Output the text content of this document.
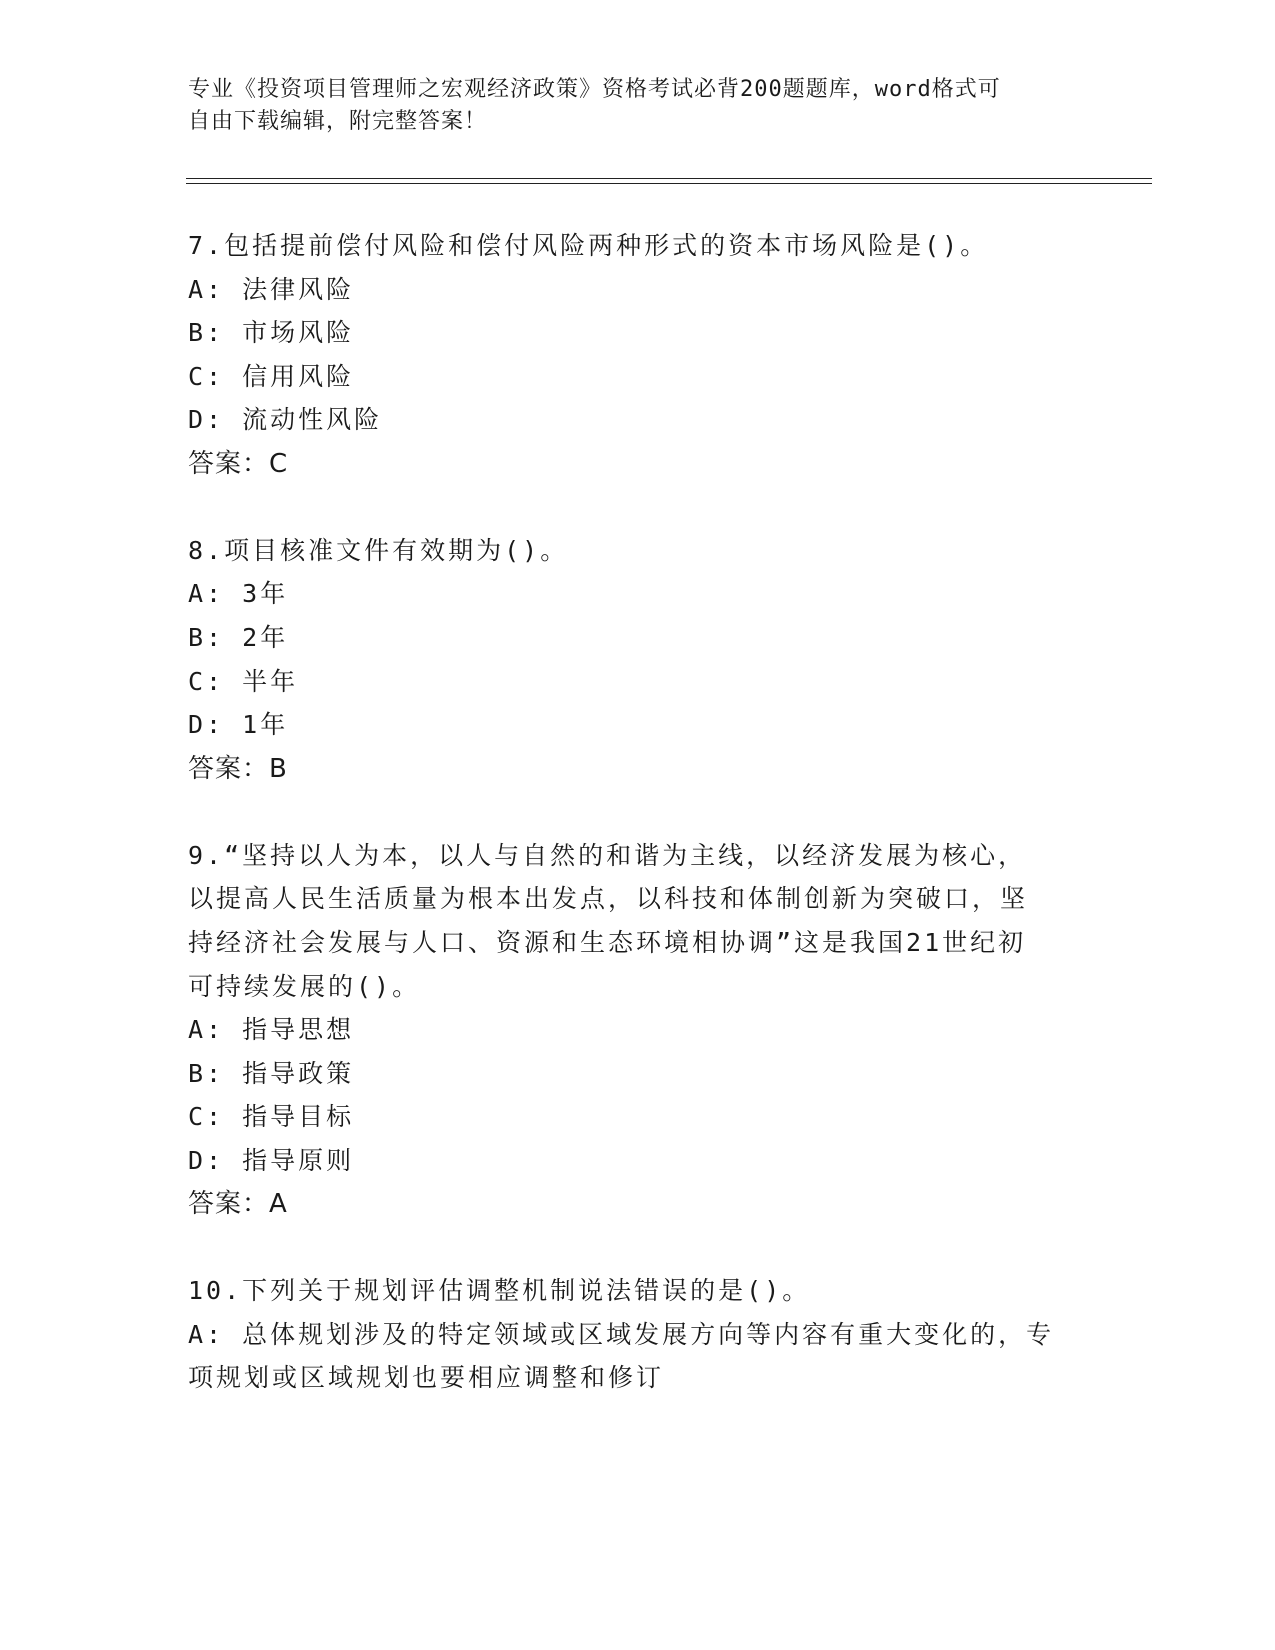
专业《投资项目管理师之宏观经济政策》资格考试必背200题题库，word格式可
自由下载编辑，附完整答案！
7.包括提前偿付风险和偿付风险两种形式的资本市场风险是()。
A: 法律风险
B: 市场风险
C: 信用风险
D: 流动性风险
答案：C
8.项目核准文件有效期为()。
A: 3年
B: 2年
C: 半年
D: 1年
答案：B
9.“坚持以人为本，以人与自然的和谐为主线，以经济发展为核心，
以提高人民生活质量为根本出发点，以科技和体制创新为突破口，坚
持经济社会发展与人口、资源和生态环境相协调”这是我国21世纪初
可持续发展的()。
A: 指导思想
B: 指导政策
C: 指导目标
D: 指导原则
答案：A
10.下列关于规划评估调整机制说法错误的是()。
A: 总体规划涉及的特定领域或区域发展方向等内容有重大变化的，专
项规划或区域规划也要相应调整和修订
